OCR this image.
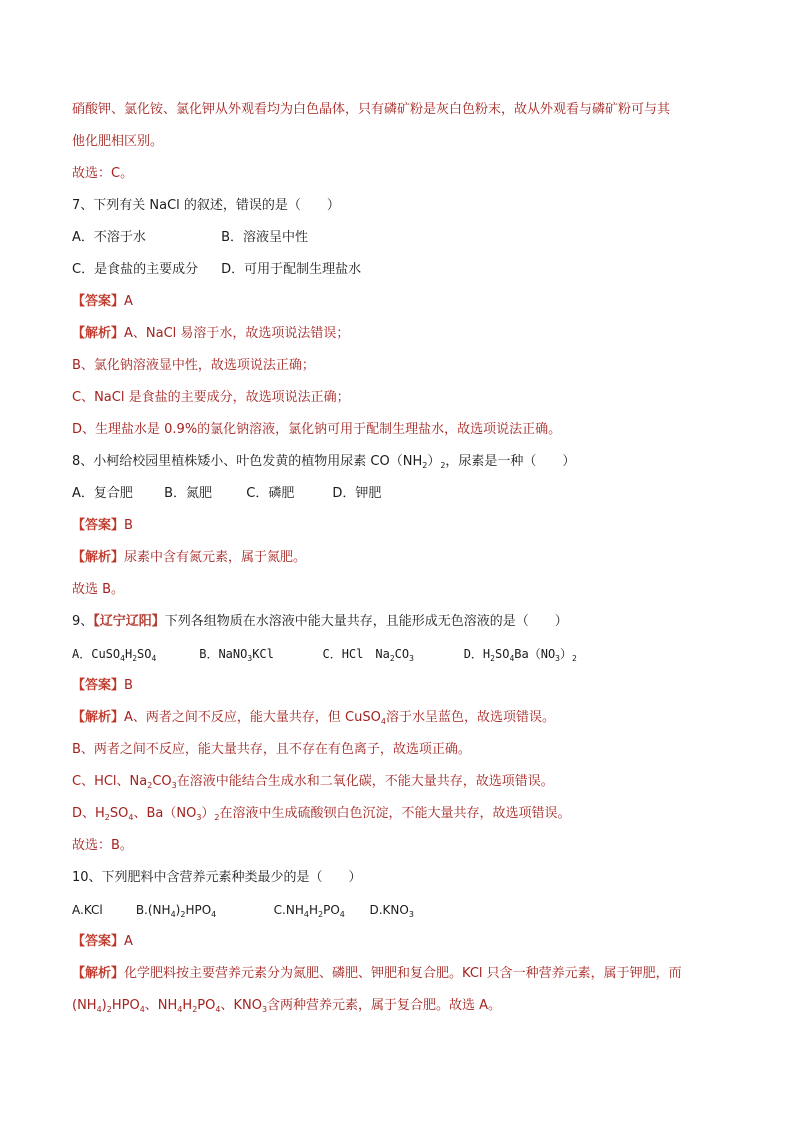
硝酸钾、氯化铵、氯化钾从外观看均为白色晶体，只有磷矿粉是灰白色粉末，故从外观看与磷矿粉可与其
他化肥相区别。
故选：C。
7、下列有关 NaCl 的叙述，错误的是（　　）
A．不溶于水	B．溶液呈中性
C．是食盐的主要成分 D．可用于配制生理盐水
【答案】A
【解析】A、NaCl 易溶于水，故选项说法错误；
B、氯化钠溶液显中性，故选项说法正确；
C、NaCl 是食盐的主要成分，故选项说法正确；
D、生理盐水是 0.9%的氯化钠溶液，氯化钠可用于配制生理盐水，故选项说法正确。
8、小柯给校园里植株矮小、叶色发黄的植物用尿素 $CO(NH_2)_2$，尿素是一种（　　）
A．复合肥 B．氮肥	C．磷肥	D．钾肥
【答案】B
【解析】尿素中含有氮元素，属于氮肥。
故选 B。
9、【辽宁辽阳】下列各组物质在水溶液中能大量共存，且能形成无色溶液的是（　　）
A．$CuSO_4H_2SO_4$	B．NaNO$_3$KCl	C．HCl　$Na_2CO_3$	D．$H_2SO_4Ba(NO_3)_2$
【答案】B
【解析】A、两者之间不反应，能大量共存，但 CuSO$_4$溶于水呈蓝色，故选项错误。
B、两者之间不反应，能大量共存，且不存在有色离子，故选项正确。
C、HCl、$Na_2CO_3$在溶液中能结合生成水和二氧化碳，不能大量共存，故选项错误。
D、$H_2SO_4$、$Ba(NO_3)_2$在溶液中生成硫酸钡白色沉淀，不能大量共存，故选项错误。
故选：B。
10、下列肥料中含营养元素种类最少的是（　　）
A.KCl	$B.(NH_4)_2HPO_4$	$C.NH_4H_2PO_4$ $D.KNO_3$
【答案】A
【解析】化学肥料按主要营养元素分为氮肥、磷肥、钾肥和复合肥。KCl 只含一种营养元素，属于钾肥，而
$(NH_4)_2HPO_4$、$NH_4H_2PO_4$、$KNO_3$含两种营养元素，属于复合肥。故选 A。
